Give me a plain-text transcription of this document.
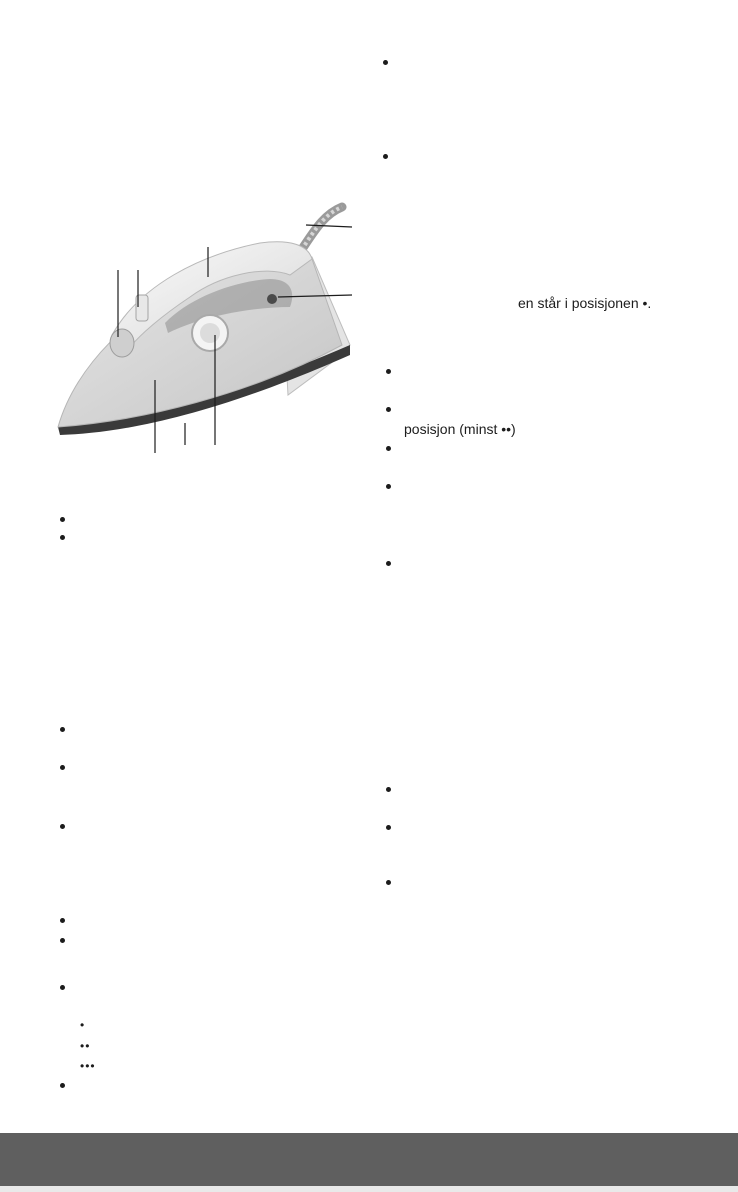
•
••
•••
en står i posisjonen •.
posisjon (minst ••)
